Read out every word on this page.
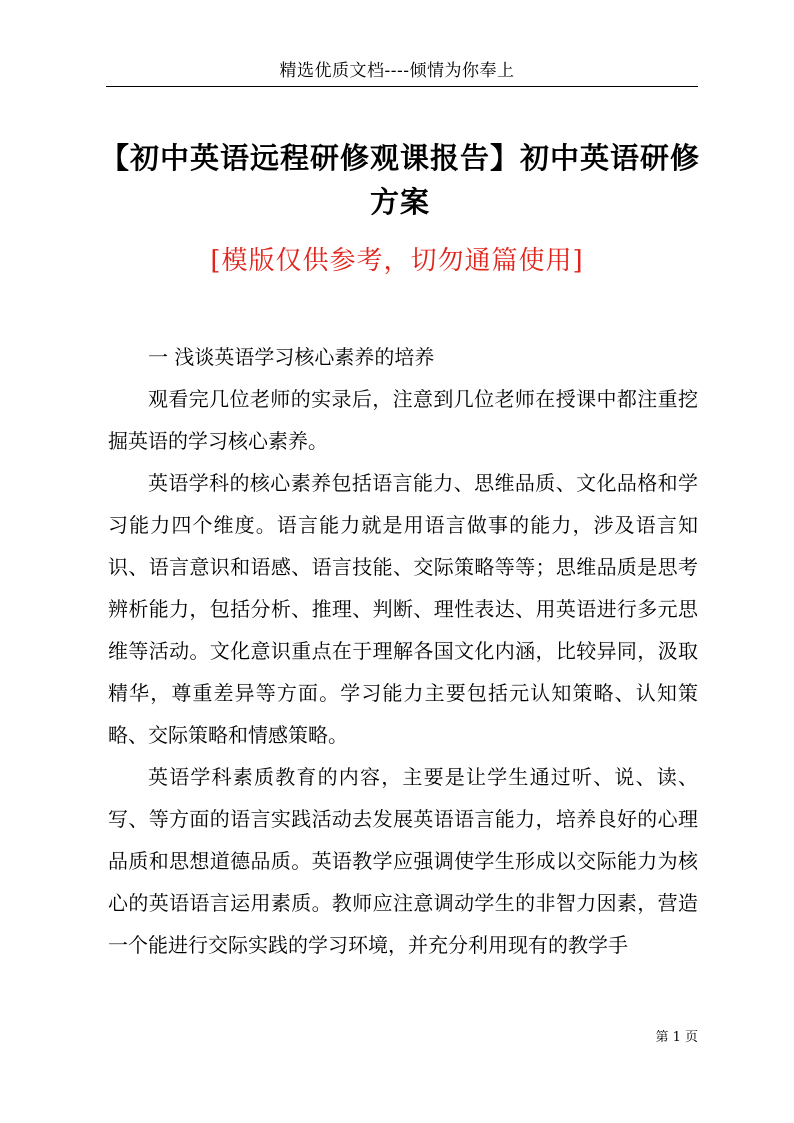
精选优质文档----倾情为你奉上
【初中英语远程研修观课报告】初中英语研修方案
[模版仅供参考，切勿通篇使用]

一 浅谈英语学习核心素养的培养

观看完几位老师的实录后，注意到几位老师在授课中都注重挖掘英语的学习核心素养。

英语学科的核心素养包括语言能力、思维品质、文化品格和学习能力四个维度。语言能力就是用语言做事的能力，涉及语言知识、语言意识和语感、语言技能、交际策略等等；思维品质是思考辨析能力，包括分析、推理、判断、理性表达、用英语进行多元思维等活动。文化意识重点在于理解各国文化内涵，比较异同，汲取精华，尊重差异等方面。学习能力主要包括元认知策略、认知策略、交际策略和情感策略。

英语学科素质教育的内容，主要是让学生通过听、说、读、写、等方面的语言实践活动去发展英语语言能力，培养良好的心理品质和思想道德品质。英语教学应强调使学生形成以交际能力为核心的英语语言运用素质。教师应注意调动学生的非智力因素，营造一个能进行交际实践的学习环境，并充分利用现有的教学手

第 1 页
